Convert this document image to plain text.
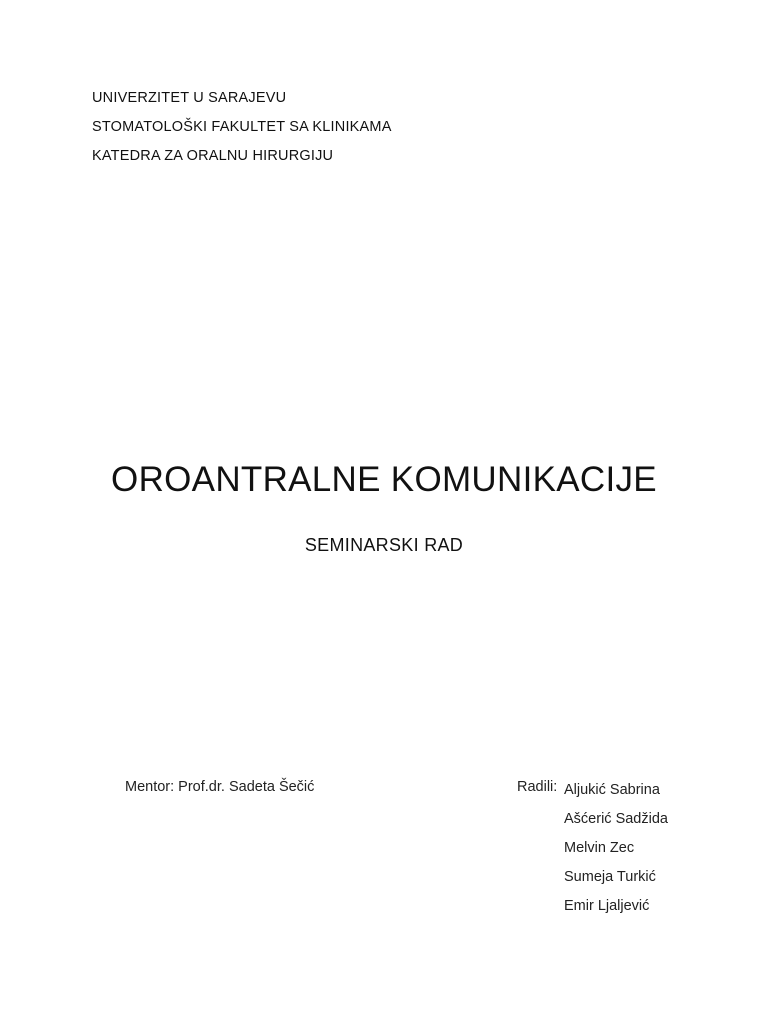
UNIVERZITET U SARAJEVU
STOMATOLOŠKI FAKULTET SA KLINIKAMA
KATEDRA ZA ORALNU HIRURGIJU
OROANTRALNE KOMUNIKACIJE
SEMINARSKI RAD
Mentor: Prof.dr. Sadeta Šečić	Radili: Aljukić Sabrina
Ašćerić Sadžida
Melvin Zec
Sumeja Turkić
Emir Ljaljević
